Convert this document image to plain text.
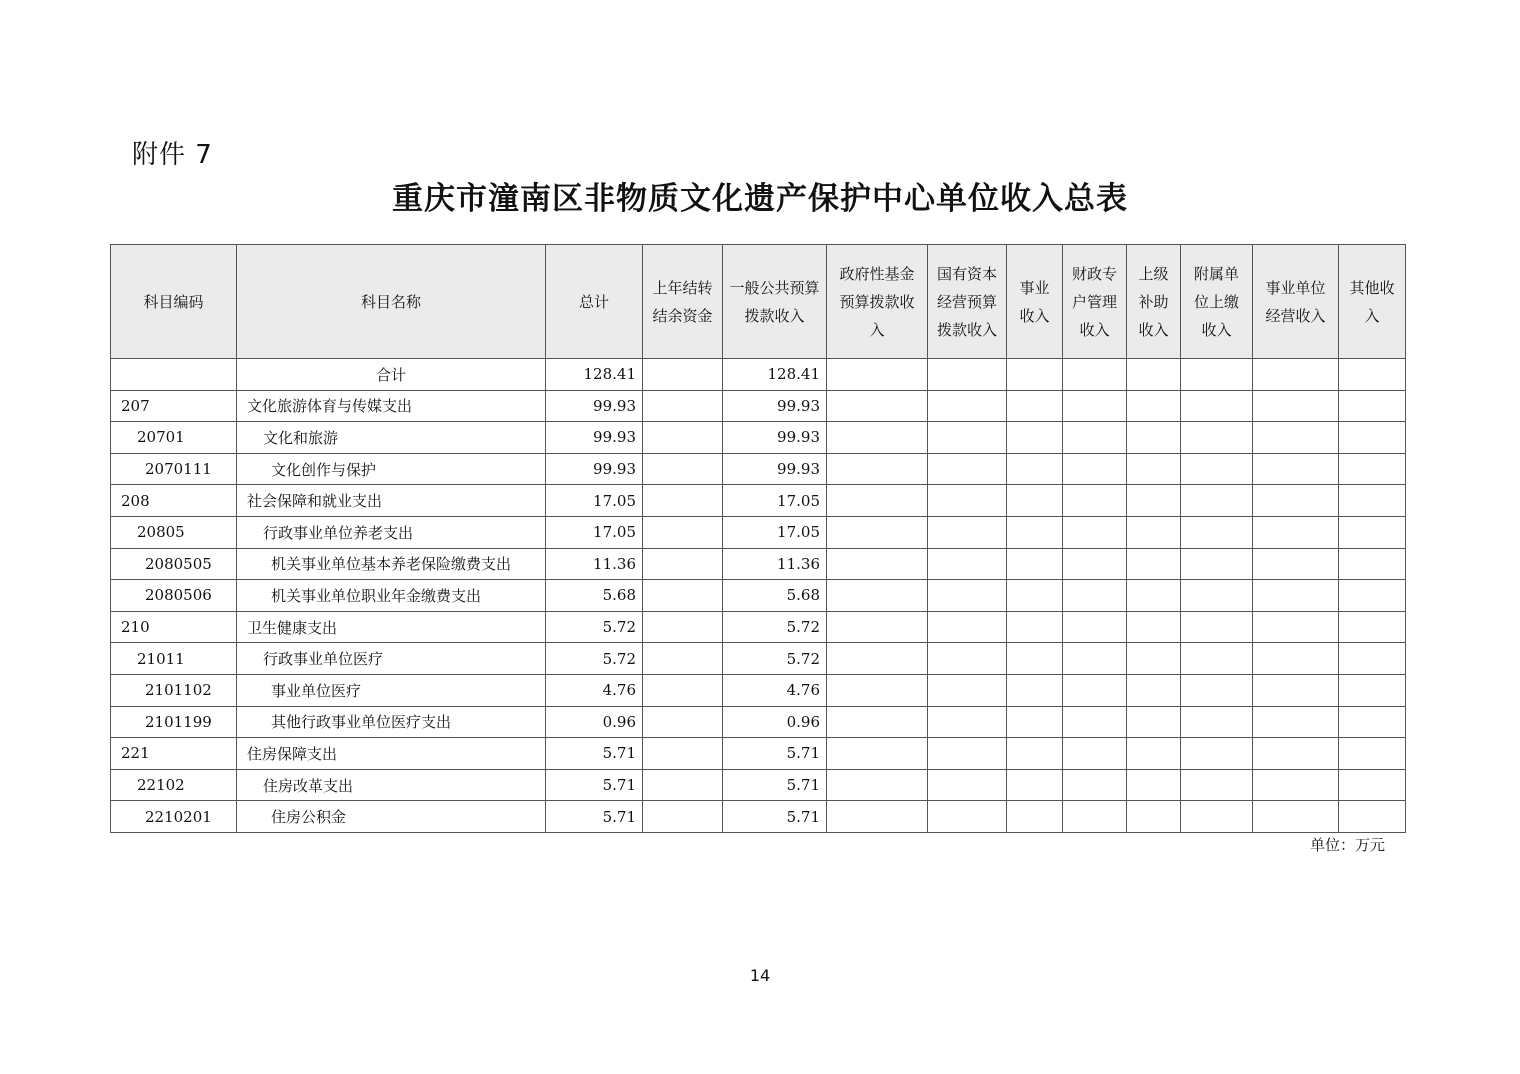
附件 7
重庆市潼南区非物质文化遗产保护中心单位收入总表
科目编码	科目名称	总计	上年结转结余资金	一般公共预算拨款收入	政府性基金预算拨款收入	国有资本经营预算拨款收入	事业收入	财政专户管理收入	上级补助收入	附属单位上缴收入	事业单位经营收入	其他收入
	合计	128.41		128.41								
207	文化旅游体育与传媒支出	99.93		99.93								
20701	文化和旅游	99.93		99.93								
2070111	文化创作与保护	99.93		99.93								
208	社会保障和就业支出	17.05		17.05								
20805	行政事业单位养老支出	17.05		17.05								
2080505	机关事业单位基本养老保险缴费支出	11.36		11.36								
2080506	机关事业单位职业年金缴费支出	5.68		5.68								
210	卫生健康支出	5.72		5.72								
21011	行政事业单位医疗	5.72		5.72								
2101102	事业单位医疗	4.76		4.76								
2101199	其他行政事业单位医疗支出	0.96		0.96								
221	住房保障支出	5.71		5.71								
22102	住房改革支出	5.71		5.71								
2210201	住房公积金	5.71		5.71								
单位：万元
14
